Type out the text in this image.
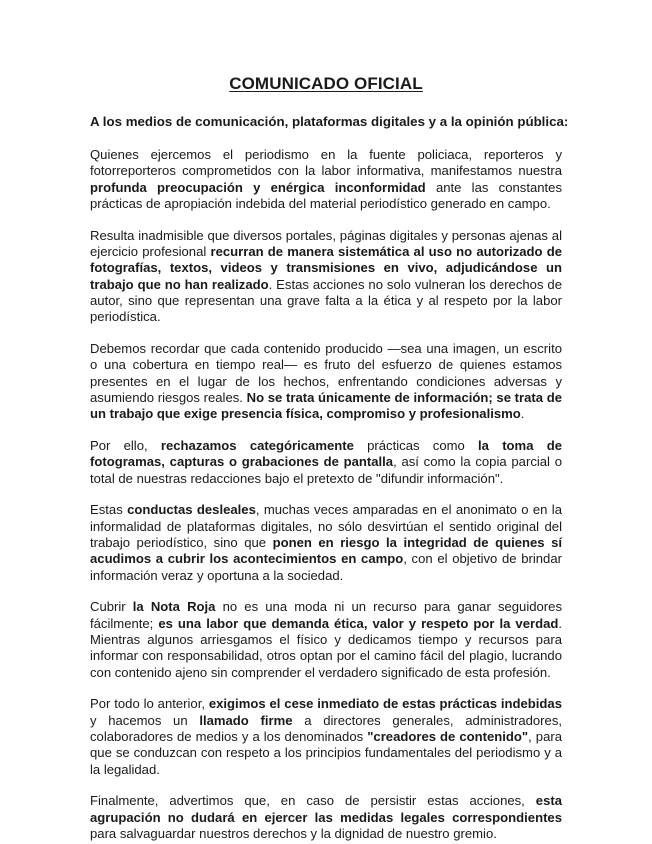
COMUNICADO OFICIAL

A los medios de comunicación, plataformas digitales y a la opinión pública:

Quienes ejercemos el periodismo en la fuente policiaca, reporteros y fotorreporteros comprometidos con la labor informativa, manifestamos nuestra profunda preocupación y enérgica inconformidad ante las constantes prácticas de apropiación indebida del material periodístico generado en campo.

Resulta inadmisible que diversos portales, páginas digitales y personas ajenas al ejercicio profesional recurran de manera sistemática al uso no autorizado de fotografías, textos, videos y transmisiones en vivo, adjudicándose un trabajo que no han realizado. Estas acciones no solo vulneran los derechos de autor, sino que representan una grave falta a la ética y al respeto por la labor periodística.

Debemos recordar que cada contenido producido —sea una imagen, un escrito o una cobertura en tiempo real— es fruto del esfuerzo de quienes estamos presentes en el lugar de los hechos, enfrentando condiciones adversas y asumiendo riesgos reales. No se trata únicamente de información; se trata de un trabajo que exige presencia física, compromiso y profesionalismo.

Por ello, rechazamos categóricamente prácticas como la toma de fotogramas, capturas o grabaciones de pantalla, así como la copia parcial o total de nuestras redacciones bajo el pretexto de "difundir información".

Estas conductas desleales, muchas veces amparadas en el anonimato o en la informalidad de plataformas digitales, no sólo desvirtúan el sentido original del trabajo periodístico, sino que ponen en riesgo la integridad de quienes sí acudimos a cubrir los acontecimientos en campo, con el objetivo de brindar información veraz y oportuna a la sociedad.

Cubrir la Nota Roja no es una moda ni un recurso para ganar seguidores fácilmente; es una labor que demanda ética, valor y respeto por la verdad. Mientras algunos arriesgamos el físico y dedicamos tiempo y recursos para informar con responsabilidad, otros optan por el camino fácil del plagio, lucrando con contenido ajeno sin comprender el verdadero significado de esta profesión.

Por todo lo anterior, exigimos el cese inmediato de estas prácticas indebidas y hacemos un llamado firme a directores generales, administradores, colaboradores de medios y a los denominados "creadores de contenido", para que se conduzcan con respeto a los principios fundamentales del periodismo y a la legalidad.

Finalmente, advertimos que, en caso de persistir estas acciones, esta agrupación no dudará en ejercer las medidas legales correspondientes para salvaguardar nuestros derechos y la dignidad de nuestro gremio.
